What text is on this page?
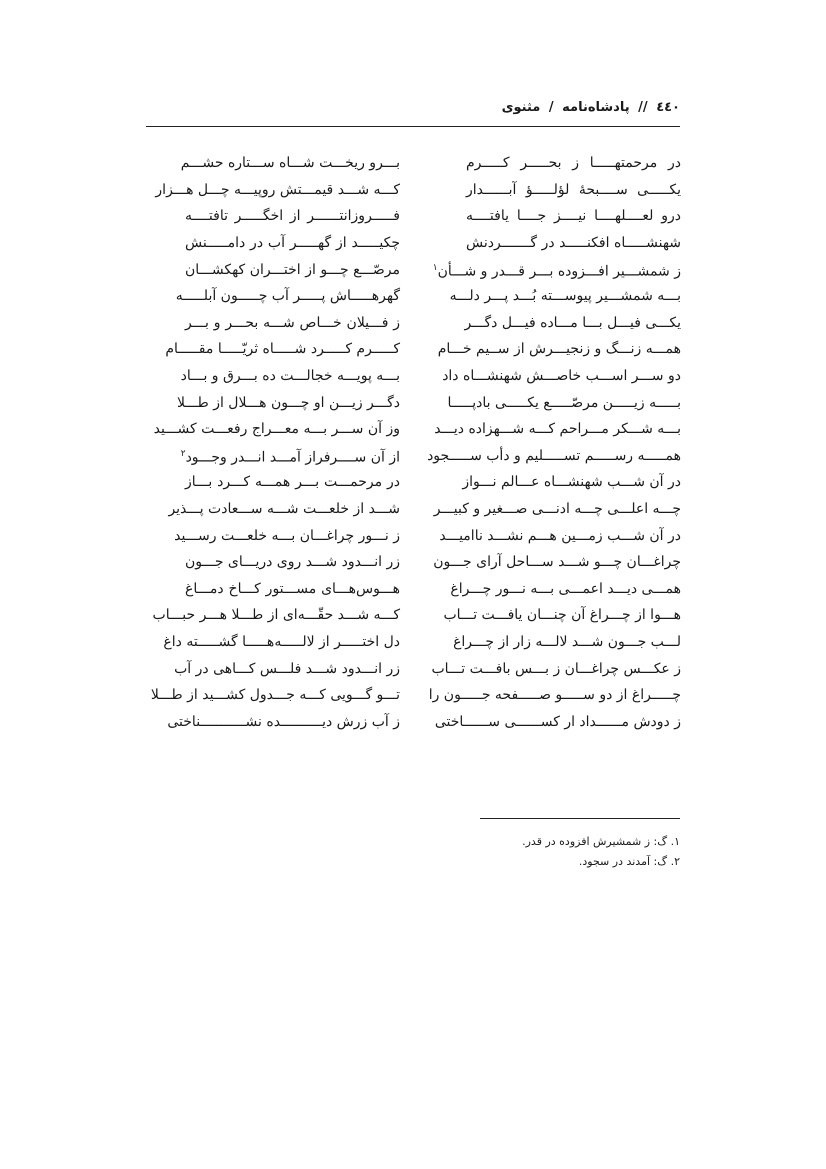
٤٤٠ // پادشاه‌نامه / مثنوی
در مرحمتهـــــا ز بحـــــر کـــــرم
بـــرو ریخـــت شـــاه ســـتاره حشـــم
یکـــــی ســــبحهٔ لؤلـــــؤ آبــــــدار
کـــه شـــد قیمـــتش روپیـــه چـــل هـــزار
درو لعــــلهــــا نیــــز جــــا یافتــــه
فـــــروزانتــــــر از اخگـــــر تافتــــه
شهنشـــــاه افکنـــــد در گـــــــردنش
چکیـــــد از گهـــــر آب در دامـــــنش
ز شمشـــیر افـــزوده بـــر قـــدر و شـــأن$^١$
مرصّـــع چـــو از اختـــران کهکشـــان
بـــه شمشـــیر پیوســـته بُـــد پـــر دلـــه
گهرهـــــاش پـــــر آب چـــــون آبلـــــه
یکـــی فیـــل بـــا مـــاده فیـــل دگـــر
ز فـــیلان خـــاص شـــه بحـــر و بـــر
همـــه زنـــگ و زنجیـــرش از ســیم خـــام
کـــــرم کـــــرد شـــــاه ثریّـــــا مقـــــام
دو ســـر اســـب خاصـــش شهنشـــاه داد
بـــه پویـــه خجالـــت ده بـــرق و بـــاد
بـــــه زیـــــن مرصّـــــع یکـــــی بادپـــــا
دگـــر زیـــن او چـــون هـــلال از طـــلا
بـــه شـــکر مـــراحم کـــه شـــهزاده دیـــد
وز آن ســـر بـــه معـــراج رفعـــت کشـــید
همـــــه رســـــم تســـــلیم و دأب ســـــجود
از آن ســــرفراز آمـــد انـــدر وجـــود$^٢$
در آن شـــب شهنشـــاه عـــالم نـــواز
در مرحمـــت بـــر همـــه کـــرد بـــاز
چـــه اعلـــی چـــه ادنـــی صـــغیر و کبیـــر
شـــد از خلعـــت شـــه ســـعادت پـــذیر
در آن شـــب زمـــین هـــم نشـــد ناامیـــد
ز نـــور چراغـــان بـــه خلعـــت رســـید
چراغـــان چـــو شـــد ســـاحل آرای جـــون
زر انـــدود شـــد روی دریـــای جـــون
همـــی دیـــد اعمـــی بـــه نـــور چـــراغ
هـــوس‌هـــای مســـتور کـــاخ دمـــاغ
هـــوا از چـــراغ آن چنـــان یافـــت تـــاب
کـــه شـــد حقّـــه‌ای از طـــلا هـــر حبـــاب
لـــب جـــون شـــد لالـــه زار از چـــراغ
دل اختـــــر از لالـــــه‌هـــــا گشـــــته داغ
ز عکـــس چراغـــان ز بـــس بافـــت تـــاب
زر انـــدود شـــد فلـــس کـــاهی در آب
چـــــراغ از دو ســـــو صـــــفحه جـــــون را
تـــو گـــویی کـــه جـــدول کشـــید از طـــلا
ز دودش مــــــداد ار کســــــی ســــــاختی
ز آب زرش دیــــــــــده نشـــــــــــناختی
١. گ: ز شمشیرش افزوده در قدر.
٢. گ: آمدند در سجود.
